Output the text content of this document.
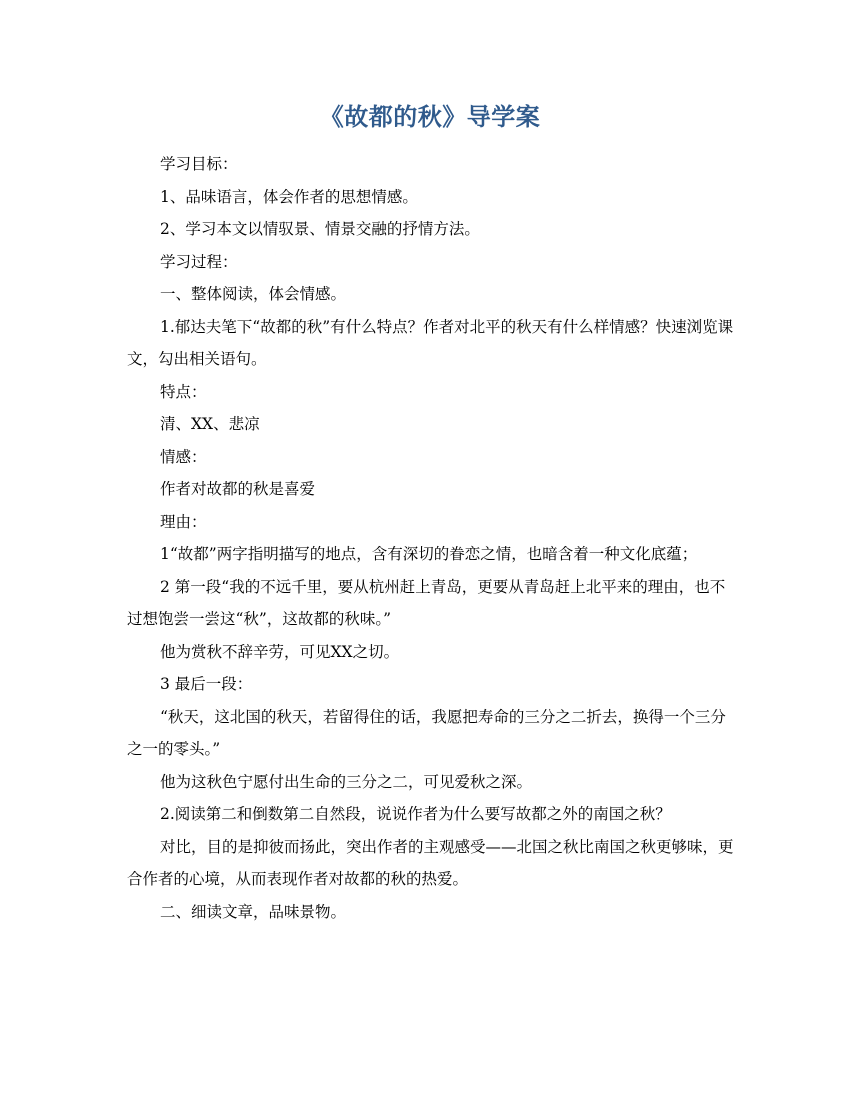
《故都的秋》导学案

学习目标：

1、品味语言，体会作者的思想情感。

2、学习本文以情驭景、情景交融的抒情方法。

学习过程：

一、整体阅读，体会情感。

1.郁达夫笔下“故都的秋”有什么特点？作者对北平的秋天有什么样情感？快速浏览课文，勾出相关语句。

特点：

清、XX、悲凉

情感：

作者对故都的秋是喜爱

理由：

1“故都”两字指明描写的地点，含有深切的眷恋之情，也暗含着一种文化底蕴；

2 第一段“我的不远千里，要从杭州赶上青岛，更要从青岛赶上北平来的理由，也不过想饱尝一尝这“秋”，这故都的秋味。”

他为赏秋不辞辛劳，可见XX之切。

3 最后一段：

“秋天，这北国的秋天，若留得住的话，我愿把寿命的三分之二折去，换得一个三分之一的零头。”

他为这秋色宁愿付出生命的三分之二，可见爱秋之深。

2.阅读第二和倒数第二自然段，说说作者为什么要写故都之外的南国之秋？

对比，目的是抑彼而扬此，突出作者的主观感受——北国之秋比南国之秋更够味，更合作者的心境，从而表现作者对故都的秋的热爱。

二、细读文章，品味景物。
